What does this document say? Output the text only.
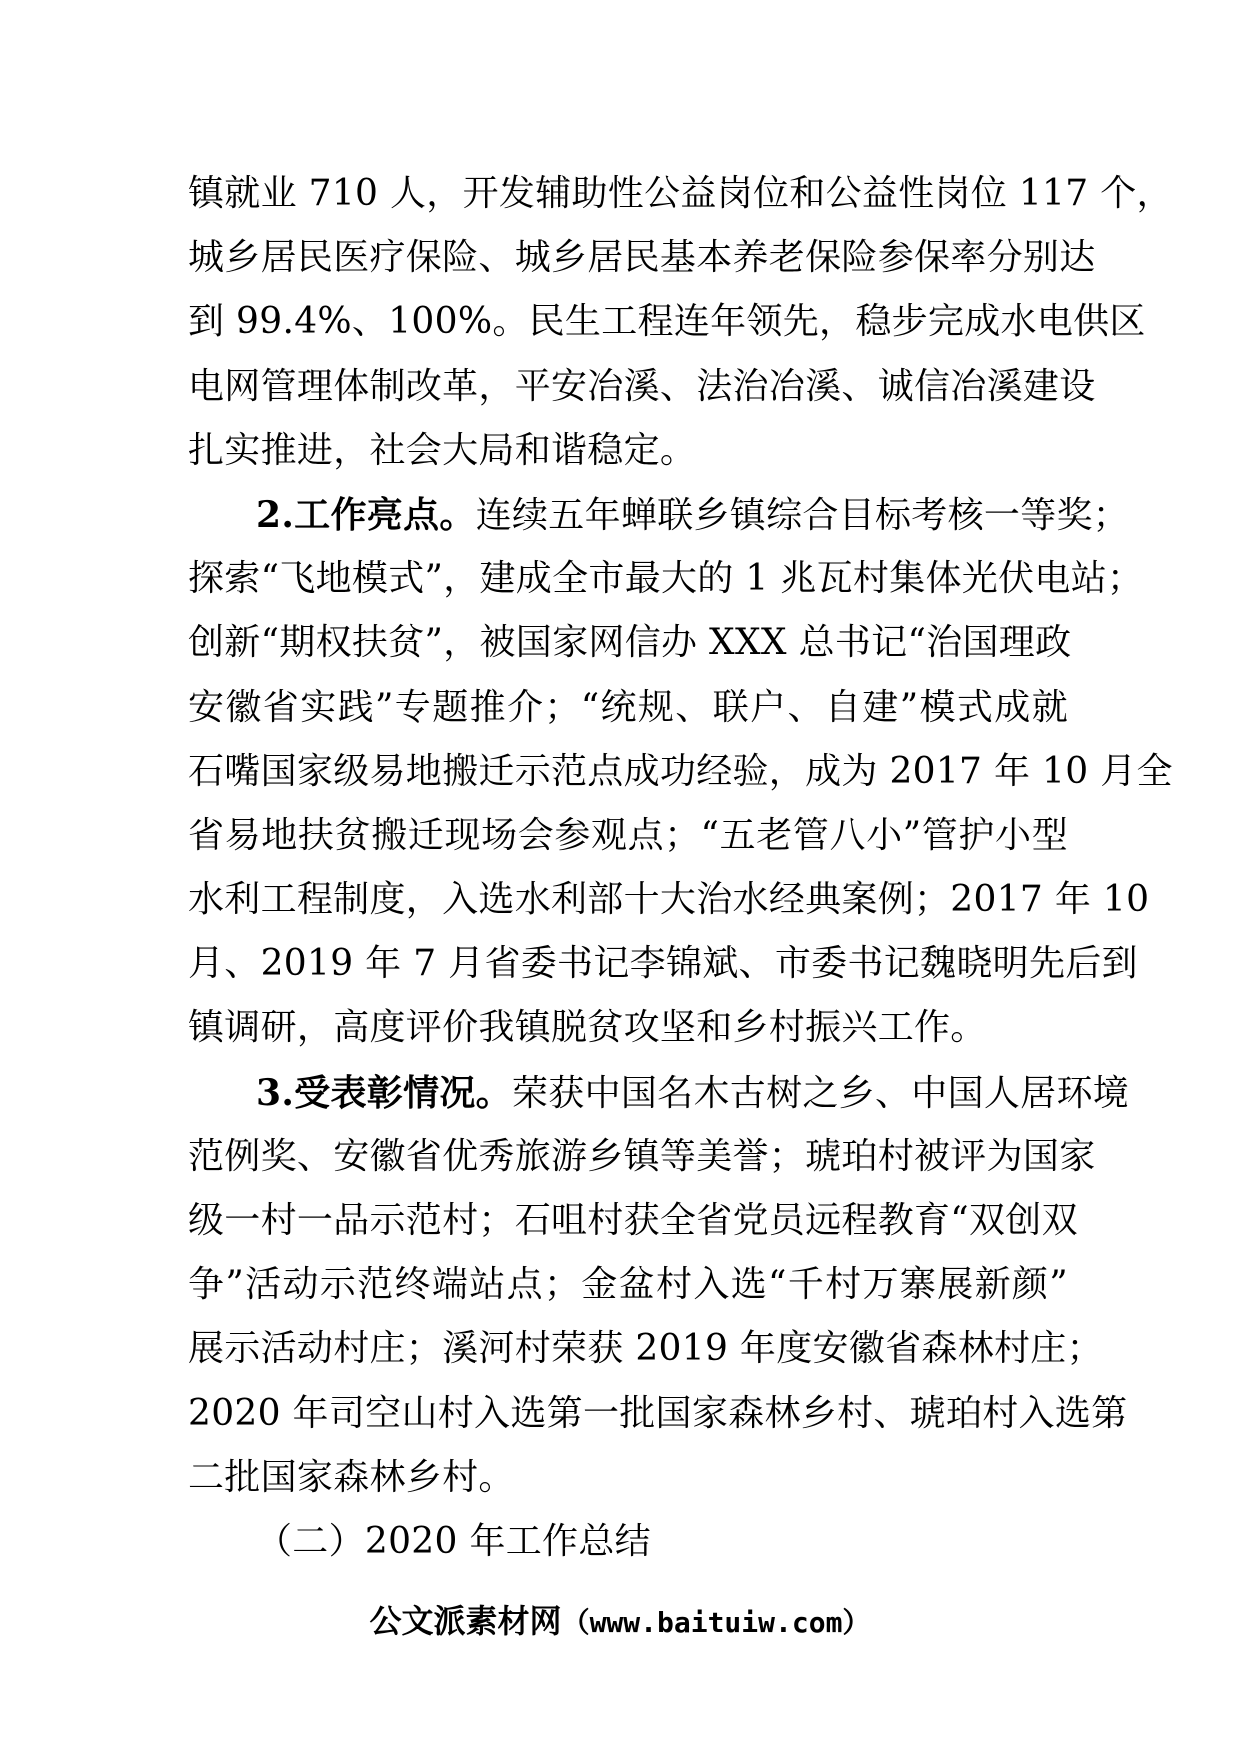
镇就业 710 人，开发辅助性公益岗位和公益性岗位 117 个，
城乡居民医疗保险、城乡居民基本养老保险参保率分别达
到 99.4%、100%。民生工程连年领先，稳步完成水电供区
电网管理体制改革，平安冶溪、法治冶溪、诚信冶溪建设
扎实推进，社会大局和谐稳定。
2.工作亮点。连续五年蝉联乡镇综合目标考核一等奖；
探索“飞地模式”，建成全市最大的 1 兆瓦村集体光伏电站；
创新“期权扶贫”，被国家网信办 XXX 总书记“治国理政
安徽省实践”专题推介；“统规、联户、自建”模式成就
石嘴国家级易地搬迁示范点成功经验，成为 2017 年 10 月全
省易地扶贫搬迁现场会参观点；“五老管八小”管护小型
水利工程制度，入选水利部十大治水经典案例；2017 年 10
月、2019 年 7 月省委书记李锦斌、市委书记魏晓明先后到
镇调研，高度评价我镇脱贫攻坚和乡村振兴工作。
3.受表彰情况。荣获中国名木古树之乡、中国人居环境
范例奖、安徽省优秀旅游乡镇等美誉；琥珀村被评为国家
级一村一品示范村；石咀村获全省党员远程教育“双创双
争”活动示范终端站点；金盆村入选“千村万寨展新颜”
展示活动村庄；溪河村荣获 2019 年度安徽省森林村庄；
2020 年司空山村入选第一批国家森林乡村、琥珀村入选第
二批国家森林乡村。
（二）2020 年工作总结
公文派素材网（www.baituiw.com）
